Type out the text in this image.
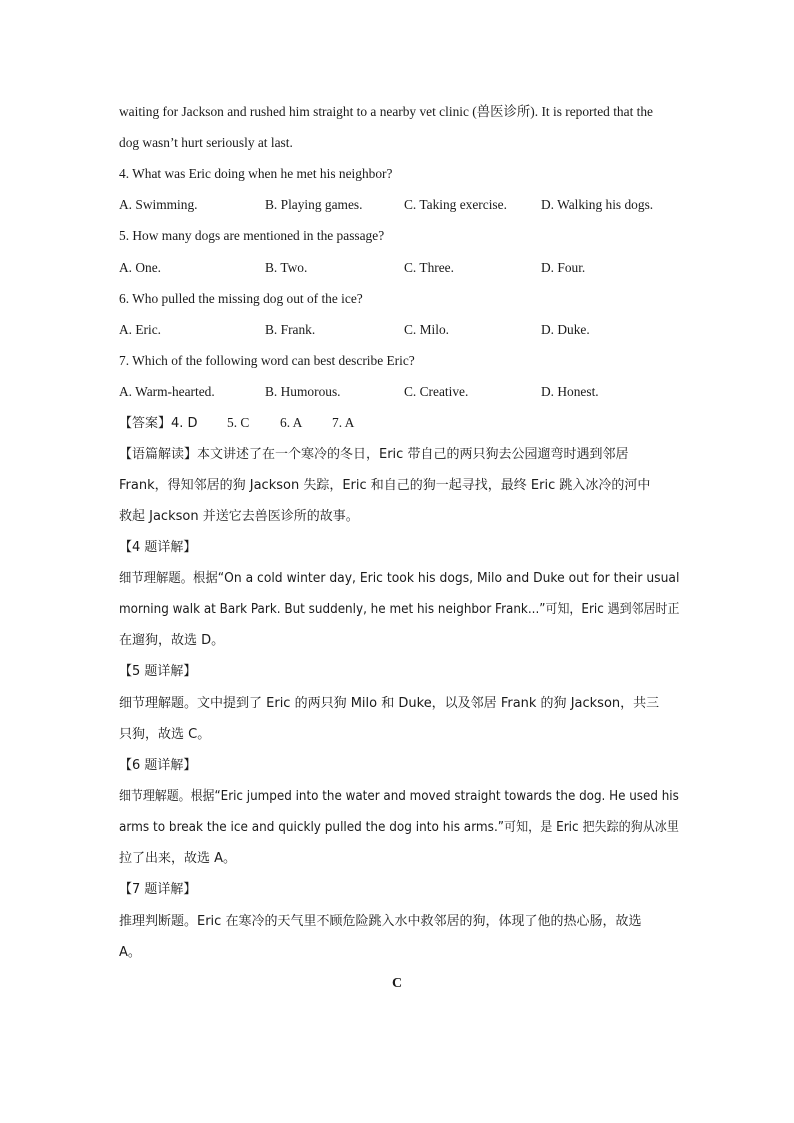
waiting for Jackson and rushed him straight to a nearby vet clinic (兽医诊所). It is reported that the
dog wasn’t hurt seriously at last.
4. What was Eric doing when he met his neighbor?
A. Swimming.	B. Playing games.	C. Taking exercise.	D. Walking his dogs.
5. How many dogs are mentioned in the passage?
A. One.	B. Two.	C. Three.	D. Four.
6. Who pulled the missing dog out of the ice?
A. Eric.	B. Frank.	C. Milo.	D. Duke.
7. Which of the following word can best describe Eric?
A. Warm-hearted.	B. Humorous.	C. Creative.	D. Honest.
【答案】4. D 5. C 6. A 7. A
【语篇解读】本文讲述了在一个寒冷的冬日，Eric 带自己的两只狗去公园遛弯时遇到邻居
Frank，得知邻居的狗 Jackson 失踪，Eric 和自己的狗一起寻找，最终 Eric 跳入冰冷的河中
救起 Jackson 并送它去兽医诊所的故事。
【4 题详解】
细节理解题。根据“On a cold winter day, Eric took his dogs, Milo and Duke out for their usual
morning walk at Bark Park. But suddenly, he met his neighbor Frank...”可知，Eric 遇到邻居时正
在遛狗，故选 D。
【5 题详解】
细节理解题。文中提到了 Eric 的两只狗 Milo 和 Duke，以及邻居 Frank 的狗 Jackson，共三
只狗，故选 C。
【6 题详解】
细节理解题。根据“Eric jumped into the water and moved straight towards the dog. He used his
arms to break the ice and quickly pulled the dog into his arms.”可知，是 Eric 把失踪的狗从冰里
拉了出来，故选 A。
【7 题详解】
推理判断题。Eric 在寒冷的天气里不顾危险跳入水中救邻居的狗，体现了他的热心肠，故选
A。
C
